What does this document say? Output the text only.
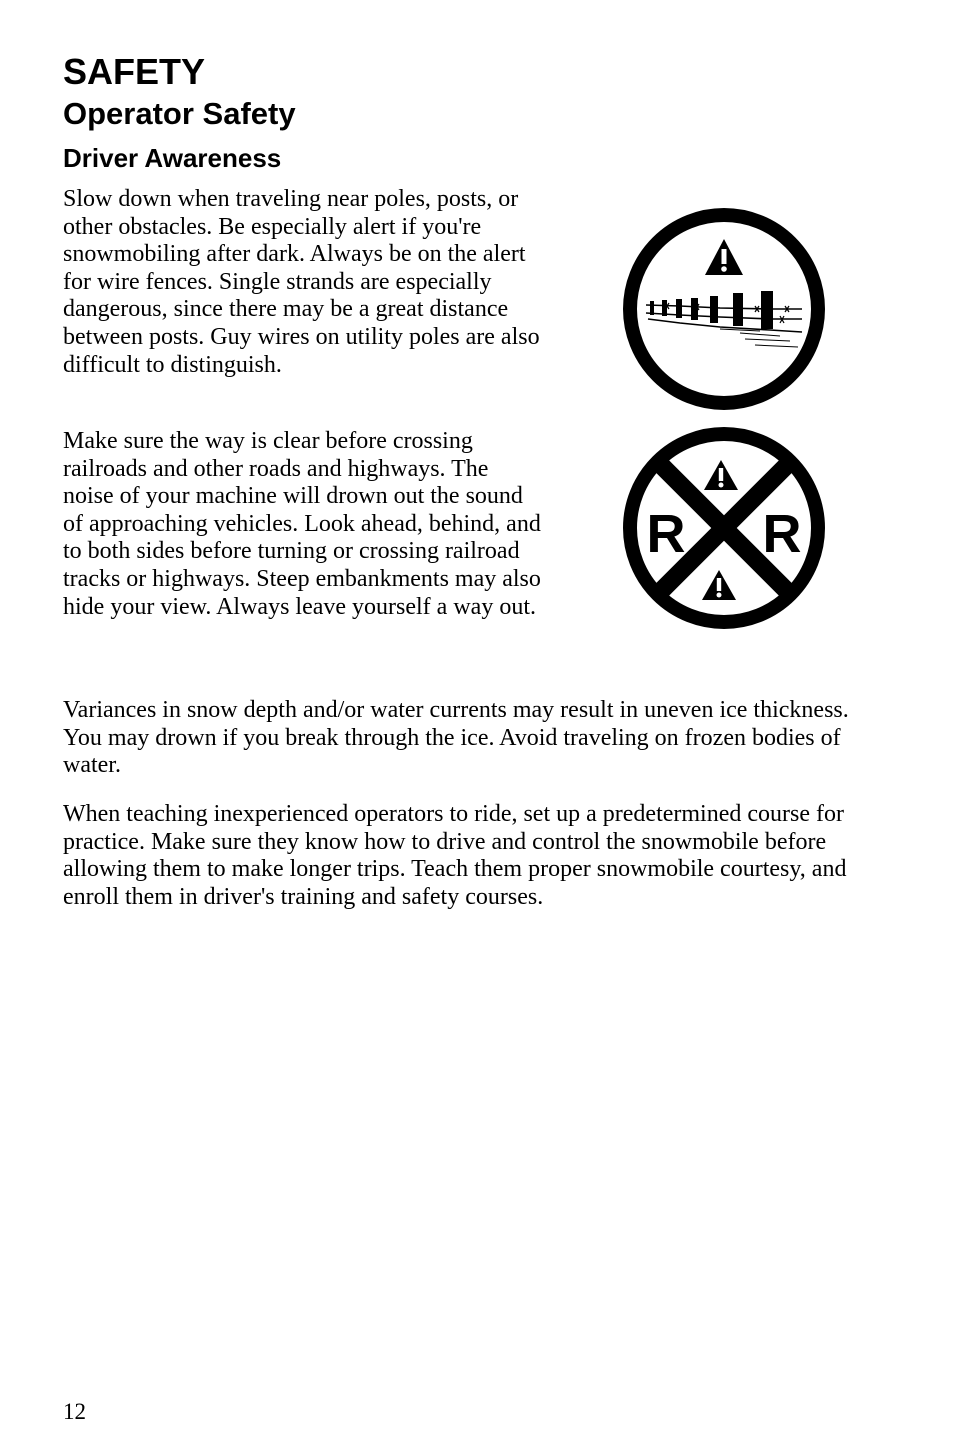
SAFETY
Operator Safety
Driver Awareness

Slow down when traveling near poles, posts, or other obstacles. Be especially alert if you're snowmobiling after dark. Always be on the alert for wire fences. Single strands are especially dangerous, since there may be a great distance between posts. Guy wires on utility poles are also difficult to distinguish.

Make sure the way is clear before crossing railroads and other roads and highways. The noise of your machine will drown out the sound of approaching vehicles. Look ahead, behind, and to both sides before turning or crossing railroad tracks or highways. Steep embankments may also hide your view. Always leave yourself a way out.

Variances in snow depth and/or water currents may result in uneven ice thickness. You may drown if you break through the ice. Avoid traveling on frozen bodies of water.

When teaching inexperienced operators to ride, set up a predetermined course for practice. Make sure they know how to drive and control the snowmobile before allowing them to make longer trips. Teach them proper snowmobile courtesy, and enroll them in driver's training and safety courses.

R R

12
